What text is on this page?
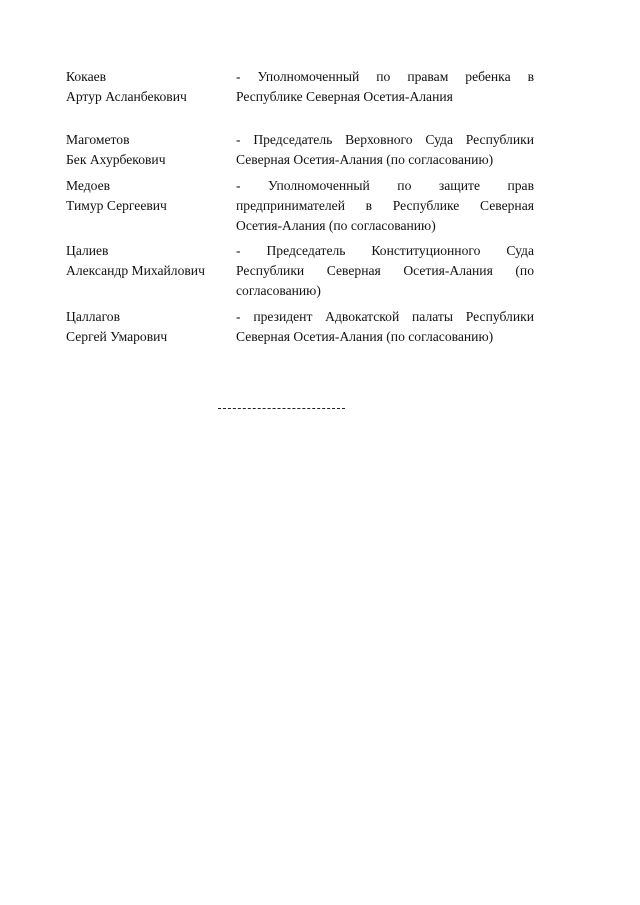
Кокаев
Артур Асланбекович
- Уполномоченный по правам ребенка в
Республике Северная Осетия-Алания
Магометов
Бек Ахурбекович
- Председатель Верховного Суда Республики
Северная Осетия-Алания (по согласованию)
Медоев
Тимур Сергеевич
- Уполномоченный по защите прав
предпринимателей в Республике Северная
Осетия-Алания (по согласованию)
Цалиев
Александр Михайлович
- Председатель Конституционного Суда
Республики Северная Осетия-Алания (по
согласованию)
Цаллагов
Сергей Умарович
- президент Адвокатской палаты Республики
Северная Осетия-Алания (по согласованию)
